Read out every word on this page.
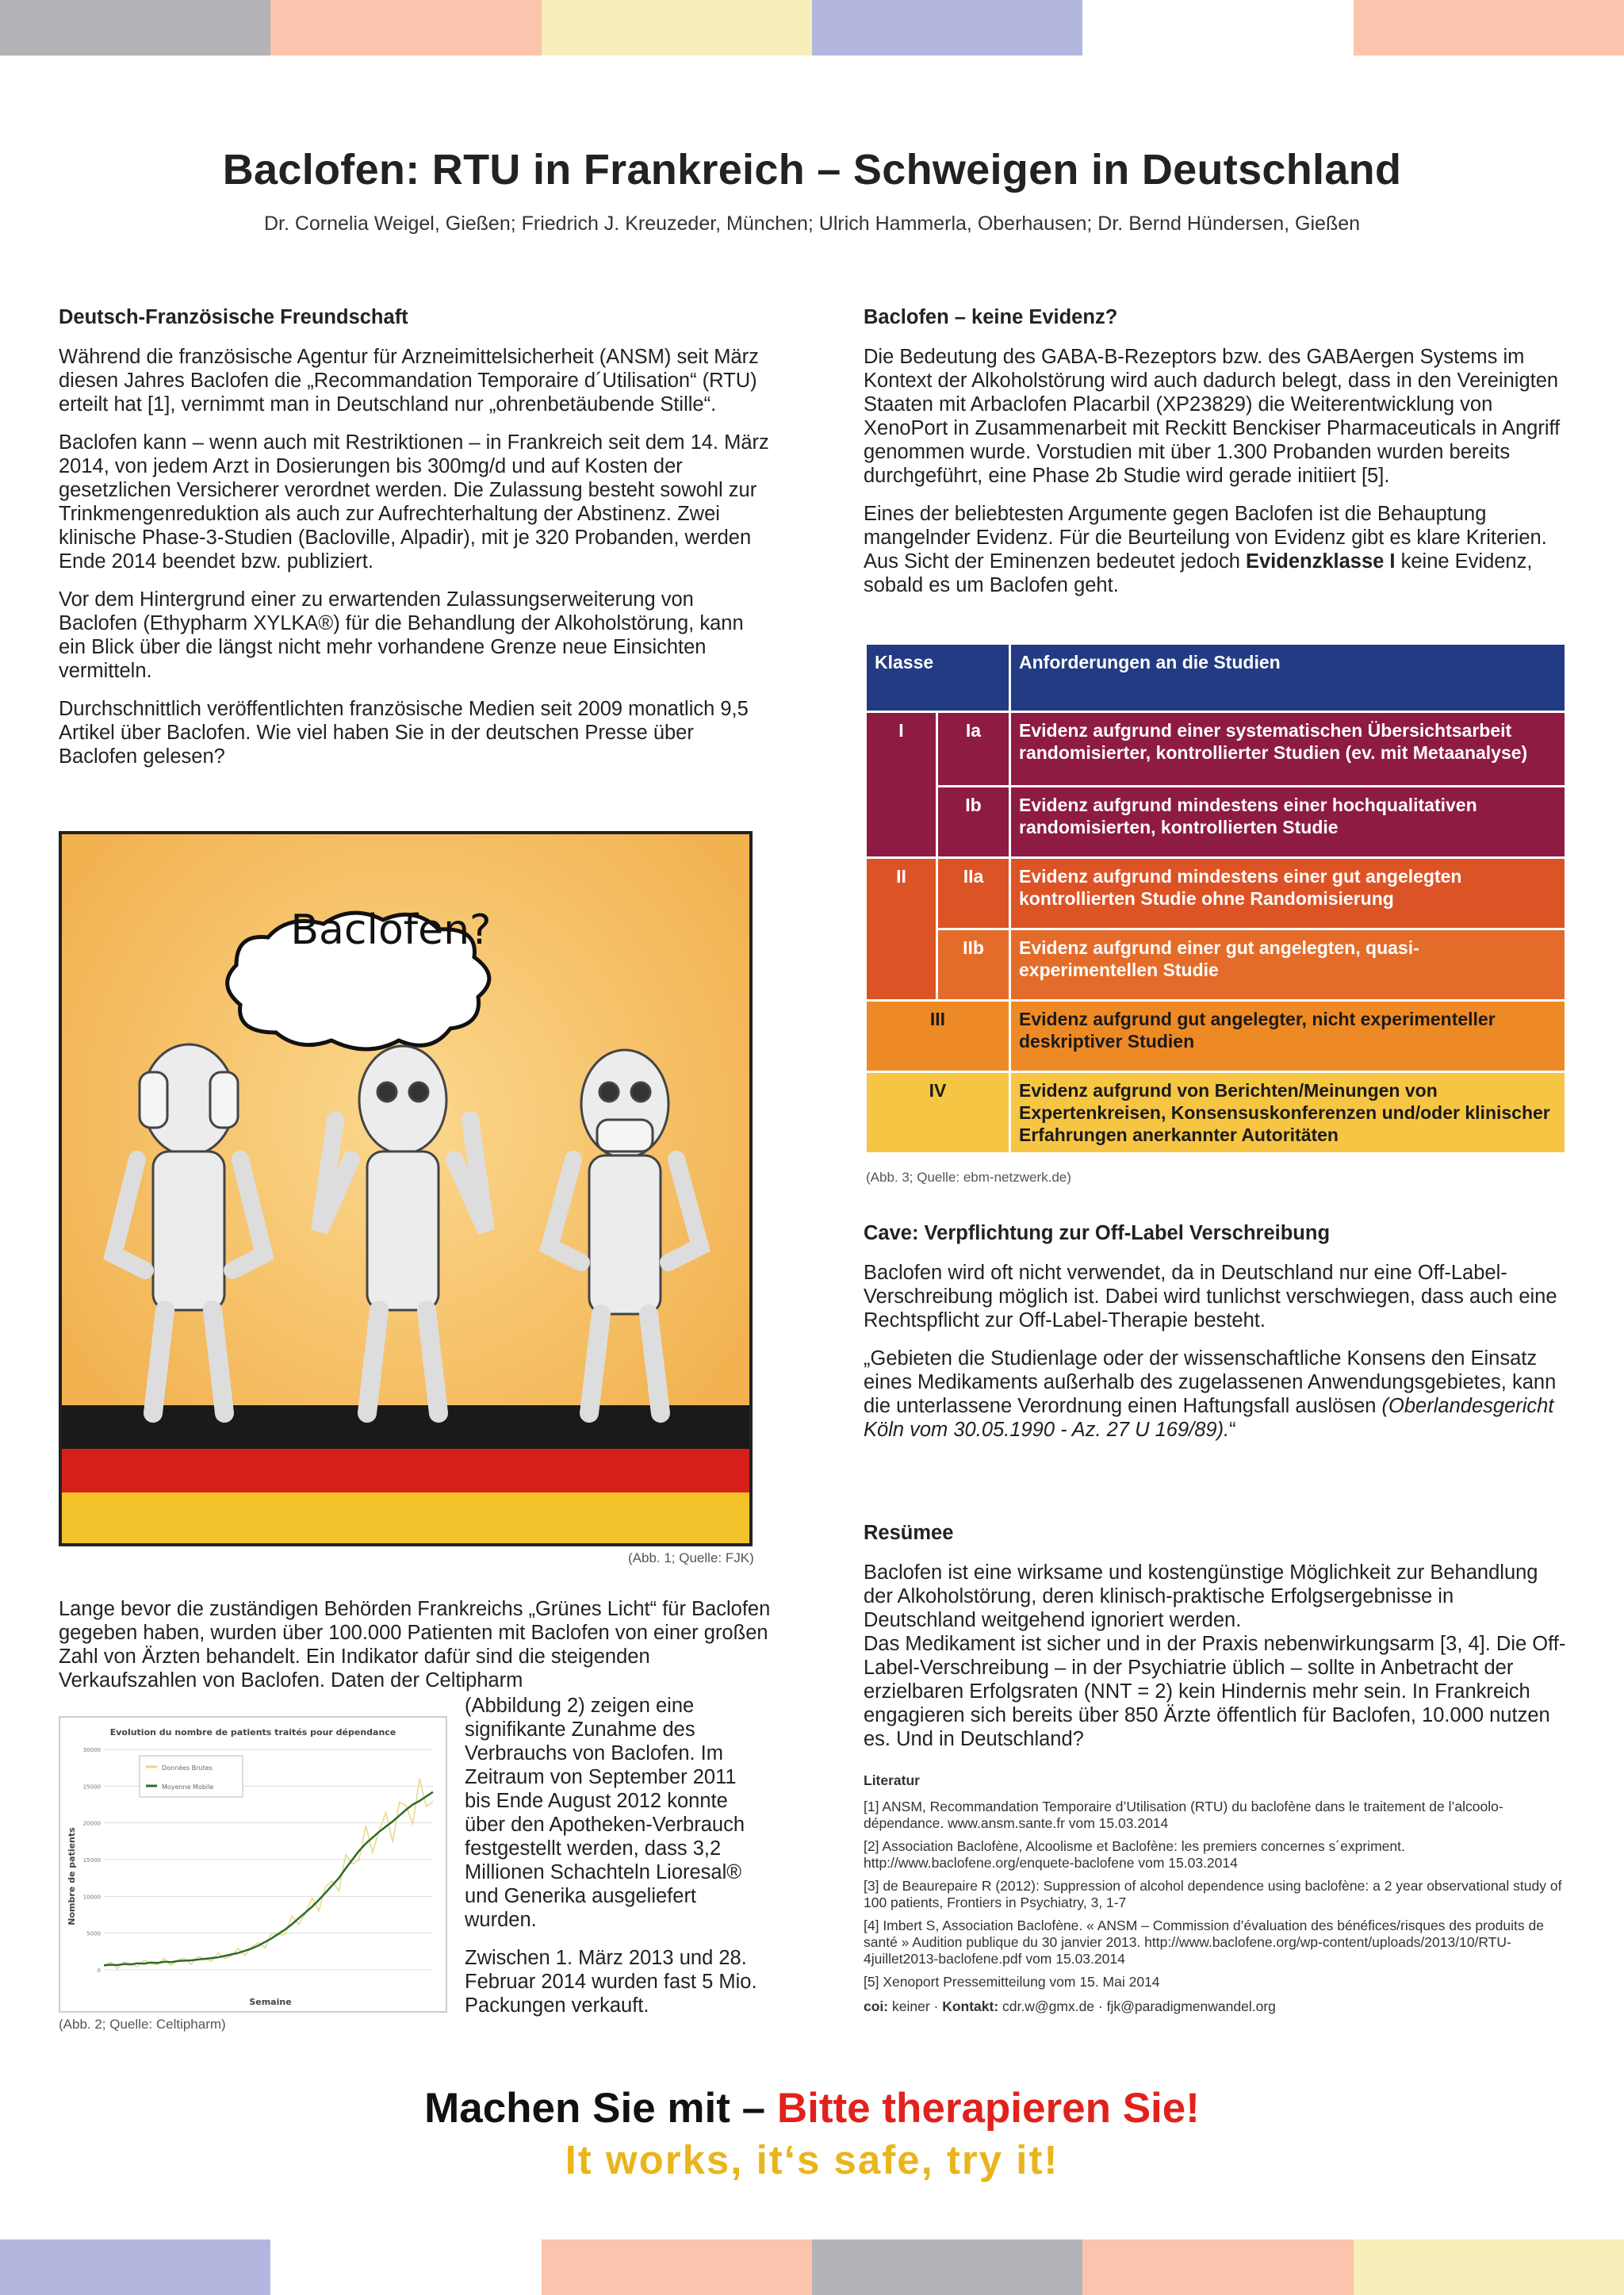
Baclofen: RTU in Frankreich – Schweigen in Deutschland
Dr. Cornelia Weigel, Gießen; Friedrich J. Kreuzeder, München; Ulrich Hammerla, Oberhausen; Dr. Bernd Hündersen, Gießen
Deutsch-Französische Freundschaft

Während die französische Agentur für Arzneimittelsicherheit (ANSM) seit März diesen Jahres Baclofen die „Recommandation Temporaire d´Utilisation“ (RTU) erteilt hat [1], vernimmt man in Deutschland nur „ohrenbetäubende Stille“.

Baclofen kann – wenn auch mit Restriktionen – in Frankreich seit dem 14. März 2014, von jedem Arzt in Dosierungen bis 300mg/d und auf Kosten der gesetzlichen Versicherer verordnet werden. Die Zulassung besteht sowohl zur Trinkmengenreduktion als auch zur Aufrechterhaltung der Abstinenz. Zwei klinische Phase-3-Studien (Bacloville, Alpadir), mit je 320 Probanden, werden Ende 2014 beendet bzw. publiziert.

Vor dem Hintergrund einer zu erwartenden Zulassungserweiterung von Baclofen (Ethypharm XYLKA®) für die Behandlung der Alkoholstörung, kann ein Blick über die längst nicht mehr vorhandene Grenze neue Einsichten vermitteln.

Durchschnittlich veröffentlichten französische Medien seit 2009 monatlich 9,5 Artikel über Baclofen. Wie viel haben Sie in der deutschen Presse über Baclofen gelesen?

Baclofen?
(Abb. 1; Quelle: FJK)

Lange bevor die zuständigen Behörden Frankreichs „Grünes Licht“ für Baclofen gegeben haben, wurden über 100.000 Patienten mit Baclofen von einer großen Zahl von Ärzten behandelt. Ein Indikator dafür sind die steigenden Verkaufszahlen von Baclofen. Daten der Celtipharm

(Abbildung 2) zeigen eine signifikante Zunahme des Verbrauchs von Baclofen. Im Zeitraum von September 2011 bis Ende August 2012 konnte über den Apotheken-Verbrauch festgestellt werden, dass 3,2 Millionen Schachteln Lioresal® und Generika ausgeliefert wurden.

Zwischen 1. März 2013 und 28. Februar 2014 wurden fast 5 Mio. Packungen verkauft.

Evolution du nombre de patients traités pour dépendance
Nombre de patients
Semaine
0
5000
10000
15000
20000
25000
30000
Données Brutes
Moyenne Mobile
(Abb. 2; Quelle: Celtipharm)
Baclofen – keine Evidenz?

Die Bedeutung des GABA-B-Rezeptors bzw. des GABAergen Systems im Kontext der Alkoholstörung wird auch dadurch belegt, dass in den Vereinigten Staaten mit Arbaclofen Placarbil (XP23829) die Weiterentwicklung von XenoPort in Zusammenarbeit mit Reckitt Benckiser Pharmaceuticals in Angriff genommen wurde. Vorstudien mit über 1.300 Probanden wurden bereits durchgeführt, eine Phase 2b Studie wird gerade initiiert [5].

Eines der beliebtesten Argumente gegen Baclofen ist die Behauptung mangelnder Evidenz. Für die Beurteilung von Evidenz gibt es klare Kriterien. Aus Sicht der Eminenzen bedeutet jedoch Evidenzklasse I keine Evidenz, sobald es um Baclofen geht.

Klasse		Anforderungen an die Studien
I	Ia	Evidenz aufgrund einer systematischen Übersichtsarbeit randomisierter, kontrollierter Studien (ev. mit Metaanalyse)
	Ib	Evidenz aufgrund mindestens einer hochqualitativen randomisierten, kontrollierten Studie
II	IIa	Evidenz aufgrund mindestens einer gut angelegten kontrollierten Studie ohne Randomisierung
	IIb	Evidenz aufgrund einer gut angelegten, quasi-experimentellen Studie
III		Evidenz aufgrund gut angelegter, nicht experimenteller deskriptiver Studien
IV		Evidenz aufgrund von Berichten/Meinungen von Expertenkreisen, Konsensuskonferenzen und/oder klinischer Erfahrungen anerkannter Autoritäten
(Abb. 3; Quelle: ebm-netzwerk.de)
Cave: Verpflichtung zur Off-Label Verschreibung

Baclofen wird oft nicht verwendet, da in Deutschland nur eine Off-Label-Verschreibung möglich ist. Dabei wird tunlichst verschwiegen, dass auch eine Rechtspflicht zur Off-Label-Therapie besteht.

„Gebieten die Studienlage oder der wissenschaftliche Konsens den Einsatz eines Medikaments außerhalb des zugelassenen Anwendungsgebietes, kann die unterlassene Verordnung einen Haftungsfall auslösen (Oberlandesgericht Köln vom 30.05.1990 - Az. 27 U 169/89).“

Resümee

Baclofen ist eine wirksame und kostengünstige Möglichkeit zur Behandlung der Alkoholstörung, deren klinisch-praktische Erfolgsergebnisse in Deutschland weitgehend ignoriert werden.

Das Medikament ist sicher und in der Praxis nebenwirkungsarm [3, 4]. Die Off-Label-Verschreibung – in der Psychiatrie üblich – sollte in Anbetracht der erzielbaren Erfolgsraten (NNT = 2) kein Hindernis mehr sein. In Frankreich engagieren sich bereits über 850 Ärzte öffentlich für Baclofen, 10.000 nutzen es. Und in Deutschland?

Literatur

[1] ANSM, Recommandation Temporaire d’Utilisation (RTU) du baclofène dans le traitement de l’alcoolo-dépendance. www.ansm.sante.fr vom 15.03.2014

[2] Association Baclofène, Alcoolisme et Baclofène: les premiers concernes s´expriment. http://www.baclofene.org/enquete-baclofene vom 15.03.2014

[3] de Beaurepaire R (2012): Suppression of alcohol dependence using baclofène: a 2 year observational study of 100 patients, Frontiers in Psychiatry, 3, 1-7

[4] Imbert S, Association Baclofène. « ANSM – Commission d’évaluation des bénéfices/risques des produits de santé » Audition publique du 30 janvier 2013. http://www.baclofene.org/wp-content/uploads/2013/10/RTU-4juillet2013-baclofene.pdf vom 15.03.2014

[5] Xenoport Pressemitteilung vom 15. Mai 2014

coi: keiner · Kontakt: cdr.w@gmx.de · fjk@paradigmenwandel.org
Machen Sie mit – Bitte therapieren Sie!
It works, it‘s safe, try it!
